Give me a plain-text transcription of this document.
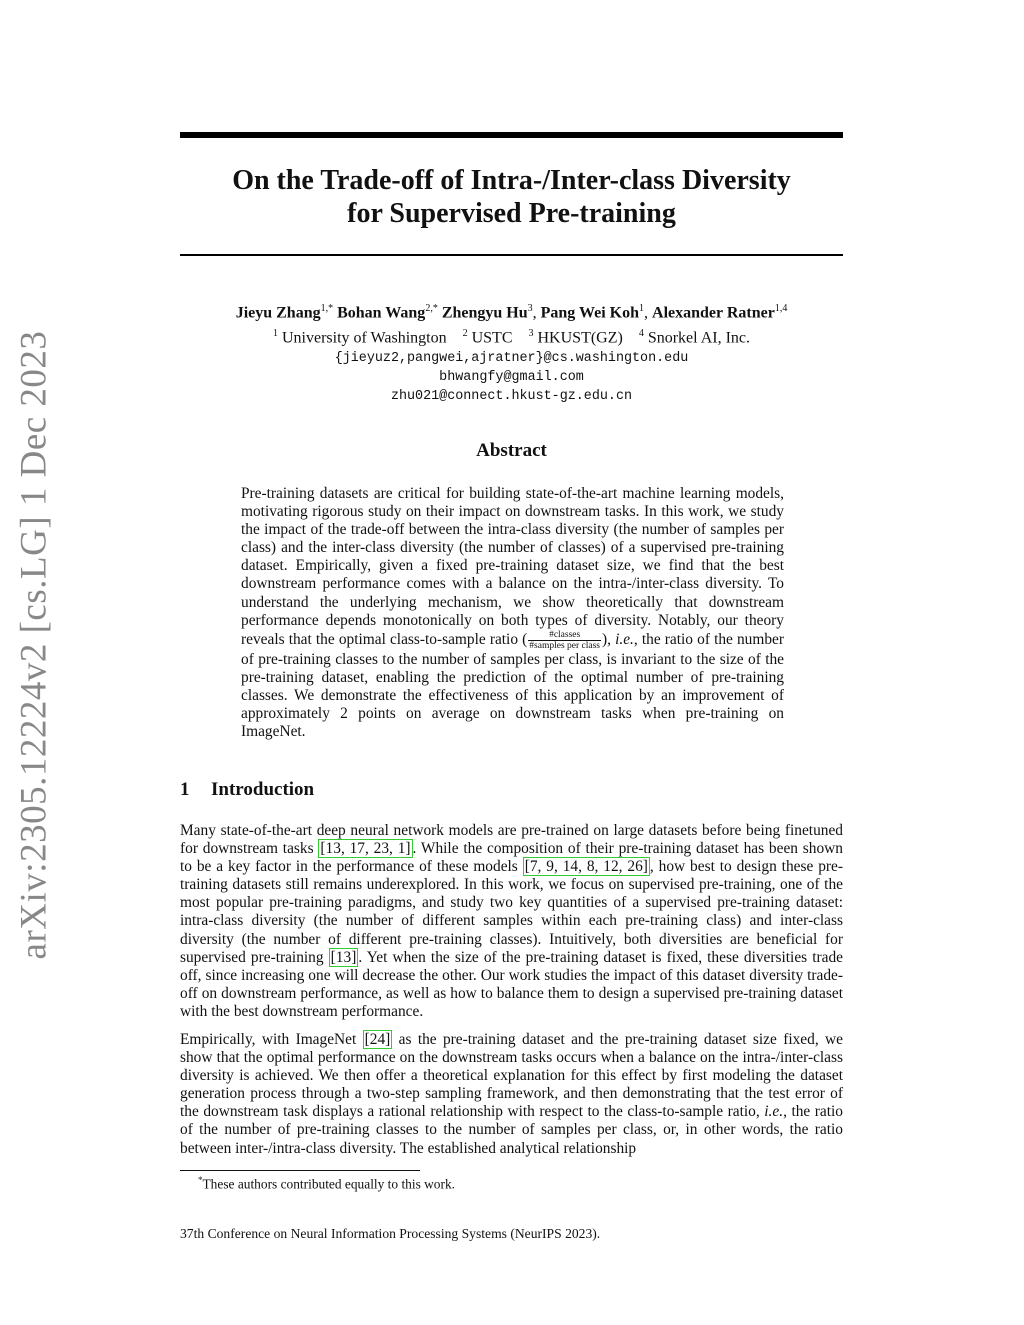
arXiv:2305.12224v2 [cs.LG] 1 Dec 2023
On the Trade-off of Intra-/Inter-class Diversity
for Supervised Pre-training
Jieyu Zhang$^{1,*}$ Bohan Wang$^{2,*}$ Zhengyu Hu$^3$, Pang Wei Koh$^1$, Alexander Ratner$^{1,4}$
$^1$ University of Washington $^2$ USTC $^3$ HKUST(GZ) $^4$ Snorkel AI, Inc.
{jieyuz2,pangwei,ajratner}@cs.washington.edu
bhwangfy@gmail.com
zhu021@connect.hkust-gz.edu.cn
Abstract

Pre-training datasets are critical for building state-of-the-art machine learning models, motivating rigorous study on their impact on downstream tasks. In this work, we study the impact of the trade-off between the intra-class diversity (the number of samples per class) and the inter-class diversity (the number of classes) of a supervised pre-training dataset. Empirically, given a fixed pre-training dataset size, we find that the best downstream performance comes with a balance on the intra-/inter-class diversity. To understand the underlying mechanism, we show theoretically that downstream performance depends monotonically on both types of diversity. Notably, our theory reveals that the optimal class-to-sample ratio ( $\frac{\text{\#classes}}{\text{\#samples per class}}$ ), i.e., the ratio of the number of pre-training classes to the number of samples per class, is invariant to the size of the pre-training dataset, enabling the prediction of the optimal number of pre-training classes. We demonstrate the effectiveness of this application by an improvement of approximately 2 points on average on downstream tasks when pre-training on ImageNet.

1 Introduction

Many state-of-the-art deep neural network models are pre-trained on large datasets before being finetuned for downstream tasks [13, 17, 23, 1] . While the composition of their pre-training dataset has been shown to be a key factor in the performance of these models [7, 9, 14, 8, 12, 26] , how best to design these pre-training datasets still remains underexplored. In this work, we focus on supervised pre-training, one of the most popular pre-training paradigms, and study two key quantities of a supervised pre-training dataset: intra-class diversity (the number of different samples within each pre-training class) and inter-class diversity (the number of different pre-training classes). Intuitively, both diversities are beneficial for supervised pre-training [13] . Yet when the size of the pre-training dataset is fixed, these diversities trade off, since increasing one will decrease the other. Our work studies the impact of this dataset diversity trade-off on downstream performance, as well as how to balance them to design a supervised pre-training dataset with the best downstream performance.

Empirically, with ImageNet [24] as the pre-training dataset and the pre-training dataset size fixed, we show that the optimal performance on the downstream tasks occurs when a balance on the intra-/inter-class diversity is achieved. We then offer a theoretical explanation for this effect by first modeling the dataset generation process through a two-step sampling framework, and then demonstrating that the test error of the downstream task displays a rational relationship with respect to the class-to-sample ratio, i.e., the ratio of the number of pre-training classes to the number of samples per class, or, in other words, the ratio between inter-/intra-class diversity. The established analytical relationship

*These authors contributed equally to this work.
37th Conference on Neural Information Processing Systems (NeurIPS 2023).
